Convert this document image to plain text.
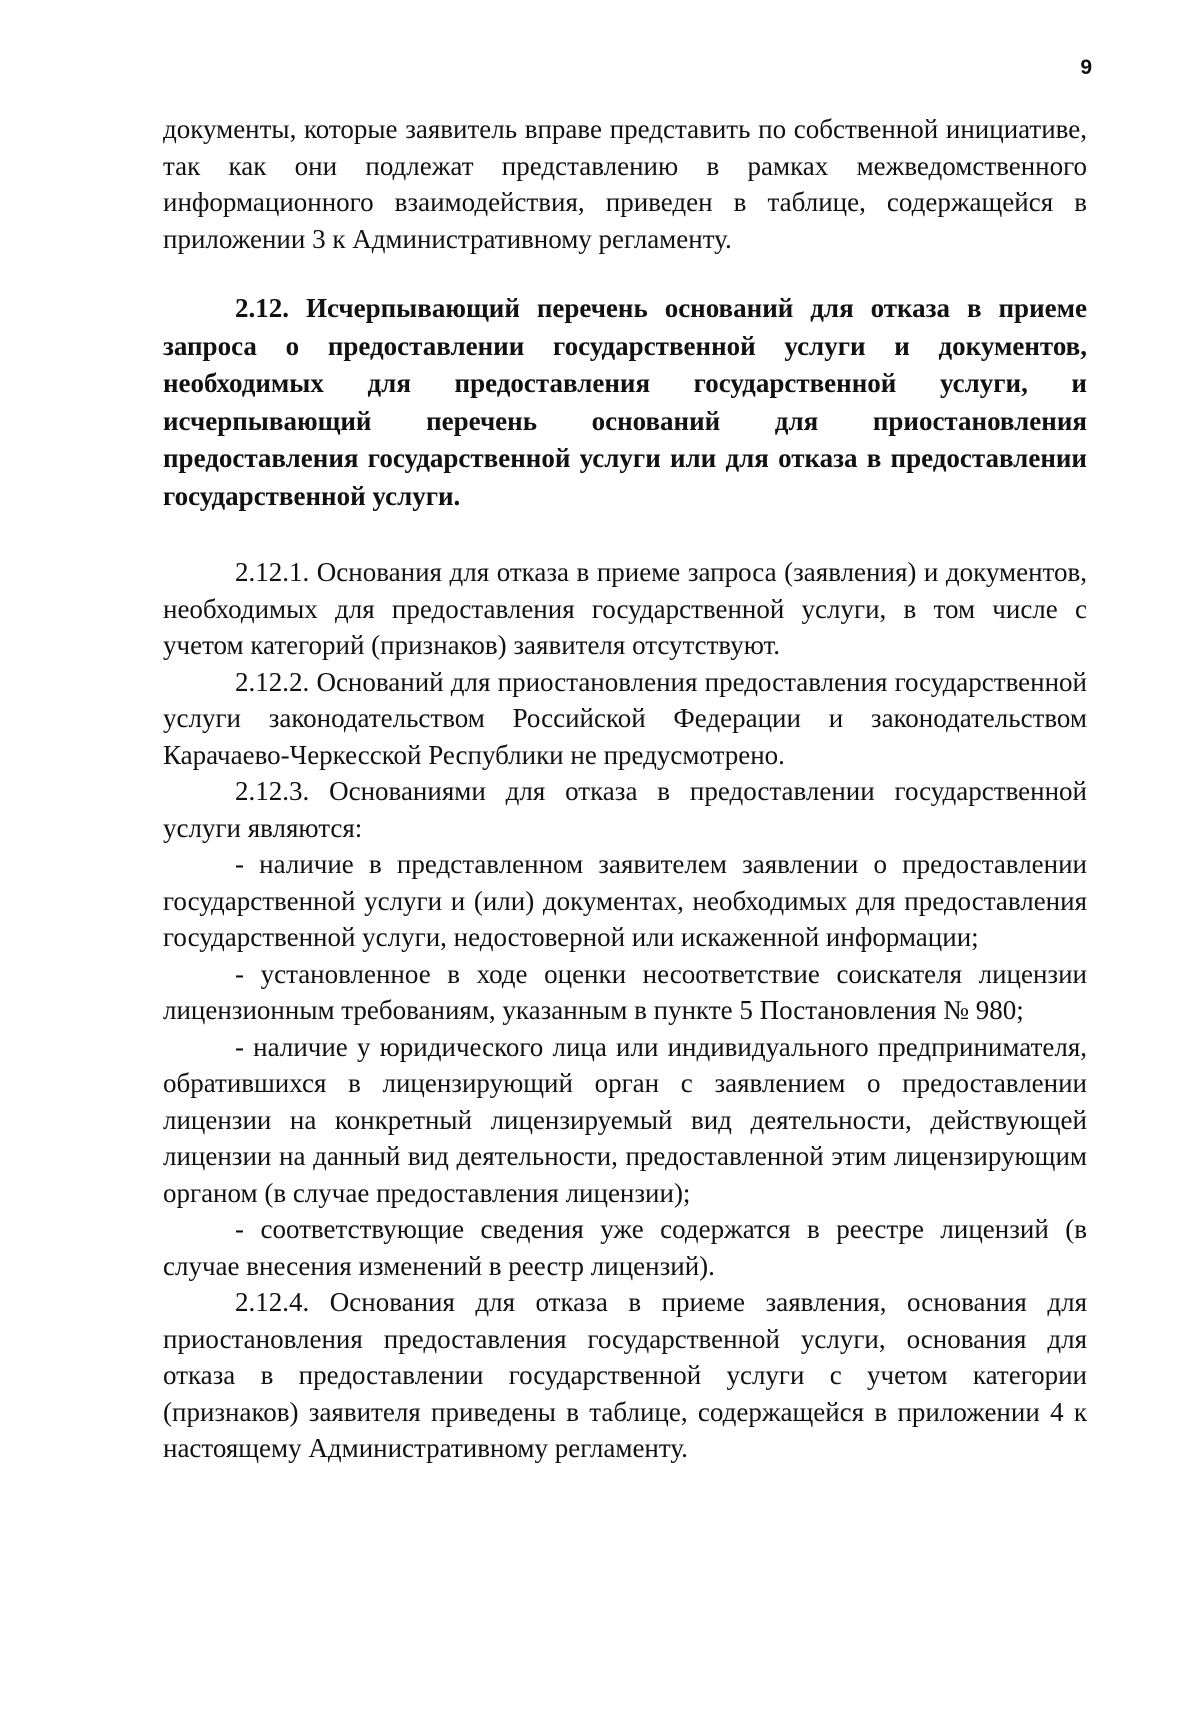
9

документы, которые заявитель вправе представить по собственной инициативе, так как они подлежат представлению в рамках межведомственного информационного взаимодействия, приведен в таблице, содержащейся в приложении 3 к Административному регламенту.

2.12. Исчерпывающий перечень оснований для отказа в приеме запроса о предоставлении государственной услуги и документов, необходимых для предоставления государственной услуги, и исчерпывающий перечень оснований для приостановления предоставления государственной услуги или для отказа в предоставлении государственной услуги.

2.12.1. Основания для отказа в приеме запроса (заявления) и документов, необходимых для предоставления государственной услуги, в том числе с учетом категорий (признаков) заявителя отсутствуют.

2.12.2. Оснований для приостановления предоставления государственной услуги законодательством Российской Федерации и законодательством Карачаево-Черкесской Республики не предусмотрено.

2.12.3. Основаниями для отказа в предоставлении государственной услуги являются:

- наличие в представленном заявителем заявлении о предоставлении государственной услуги и (или) документах, необходимых для предоставления государственной услуги, недостоверной или искаженной информации;

- установленное в ходе оценки несоответствие соискателя лицензии лицензионным требованиям, указанным в пункте 5 Постановления № 980;

- наличие у юридического лица или индивидуального предпринимателя, обратившихся в лицензирующий орган с заявлением о предоставлении лицензии на конкретный лицензируемый вид деятельности, действующей лицензии на данный вид деятельности, предоставленной этим лицензирующим органом (в случае предоставления лицензии);

- соответствующие сведения уже содержатся в реестре лицензий (в случае внесения изменений в реестр лицензий).

2.12.4. Основания для отказа в приеме заявления, основания для приостановления предоставления государственной услуги, основания для отказа в предоставлении государственной услуги с учетом категории (признаков) заявителя приведены в таблице, содержащейся в приложении 4 к настоящему Административному регламенту.
